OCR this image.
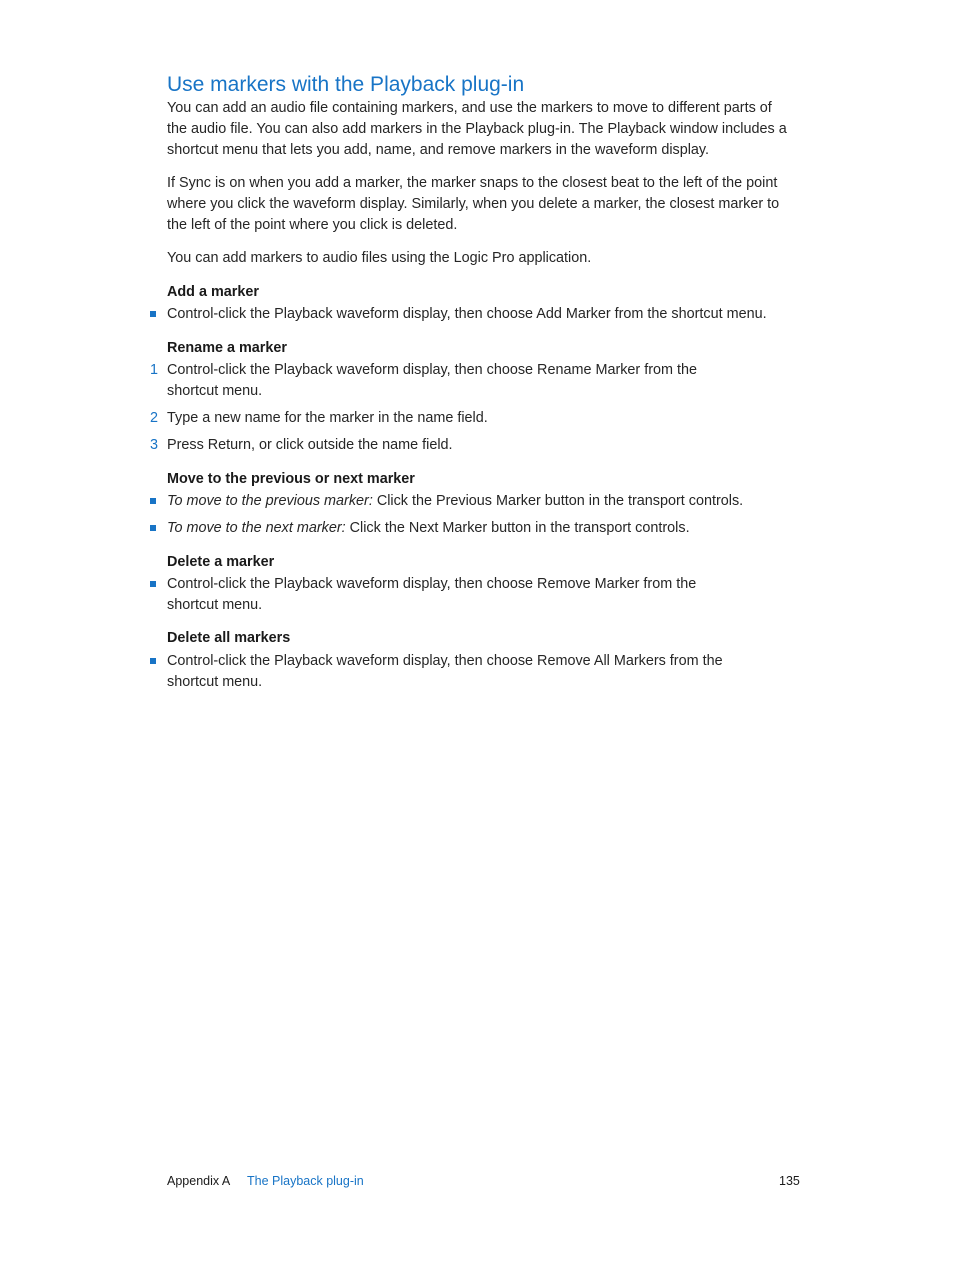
Use markers with the Playback plug-in

You can add an audio file containing markers, and use the markers to move to different parts of the audio file. You can also add markers in the Playback plug-in. The Playback window includes a shortcut menu that lets you add, name, and remove markers in the waveform display.

If Sync is on when you add a marker, the marker snaps to the closest beat to the left of the point where you click the waveform display. Similarly, when you delete a marker, the closest marker to the left of the point where you click is deleted.

You can add markers to audio files using the Logic Pro application.

Add a marker

Control-click the Playback waveform display, then choose Add Marker from the shortcut menu.

Rename a marker
1 Control-click the Playback waveform display, then choose Rename Marker from the shortcut menu.

2 Type a new name for the marker in the name field.

3 Press Return, or click outside the name field.

Move to the previous or next marker

To move to the previous marker: Click the Previous Marker button in the transport controls.

To move to the next marker: Click the Next Marker button in the transport controls.

Delete a marker

Control-click the Playback waveform display, then choose Remove Marker from the shortcut menu.

Delete all markers

Control-click the Playback waveform display, then choose Remove All Markers from the shortcut menu.

Appendix A The Playback plug-in	135
